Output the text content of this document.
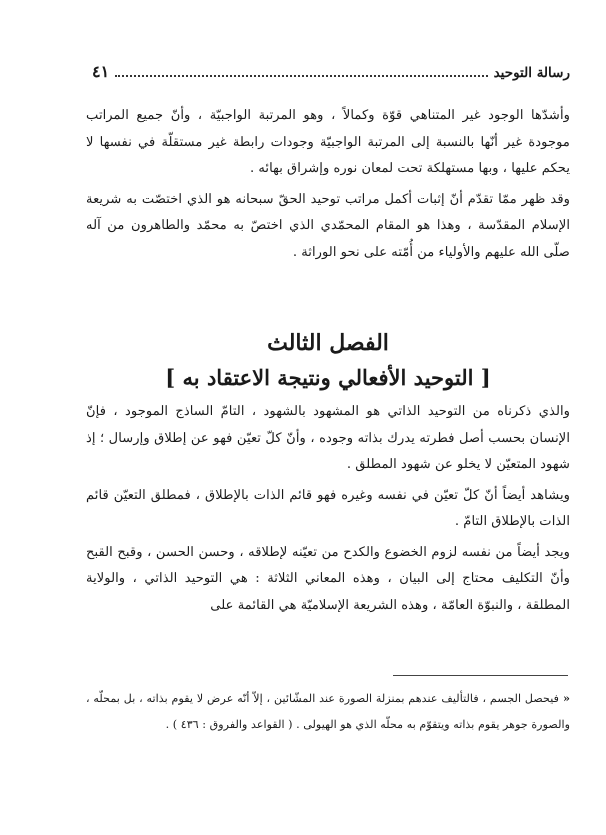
رسالة التوحيد
٤١

وأشدّها الوجود غير المتناهي قوّة وكمالاً ، وهو المرتبة الواجبيّة ، وأنّ جميع المراتب موجودة غير أنّها بالنسبة إلى المرتبة الواجبيّة وجودات رابطة غير مستقلّة في نفسها لا يحكم عليها ، وبها مستهلكة تحت لمعان نوره وإشراق بهائه .

وقد ظهر ممّا تقدّم أنّ إثبات أكمل مراتب توحيد الحقّ سبحانه هو الذي اختصّت به شريعة الإسلام المقدّسة ، وهذا هو المقام المحمّدي الذي اختصّ به محمّد والطاهرون من آله صلّى الله عليهم والأولياء من أُمّته على نحو الوراثة .

الفصل الثالث
[ التوحيد الأفعالي ونتيجة الاعتقاد به ]

والذي ذكرناه من التوحيد الذاتي هو المشهود بالشهود ، التامّ الساذج الموجود ، فإنّ الإنسان بحسب أصل فطرته يدرك بذاته وجوده ، وأنّ كلّ تعيّن فهو عن إطلاق وإرسال ؛ إذ شهود المتعيّن لا يخلو عن شهود المطلق .

ويشاهد أيضاً أنّ كلّ تعيّن في نفسه وغيره فهو قائم الذات بالإطلاق ، فمطلق التعيّن قائم الذات بالإطلاق التامّ .

ويجد أيضاً من نفسه لزوم الخضوع والكدح من تعيّنه لإطلاقه ، وحسن الحسن ، وقبح القبح وأنّ التكليف محتاج إلى البيان ، وهذه المعاني الثلاثة : هي التوحيد الذاتي ، والولاية المطلقة ، والنبوّة العامّة ، وهذه الشريعة الإسلاميّة هي القائمة على

«فيحصل الجسم ، فالتأليف عندهم بمنزلة الصورة عند المشّائين ، إلاّ أنّه عرض لا يقوم بذاته ، بل بمحلّه ، والصورة جوهر يقوم بذاته ويتقوّم به محلّه الذي هو الهيولى . ( القواعد والفروق : ٤٣٦ ) .
